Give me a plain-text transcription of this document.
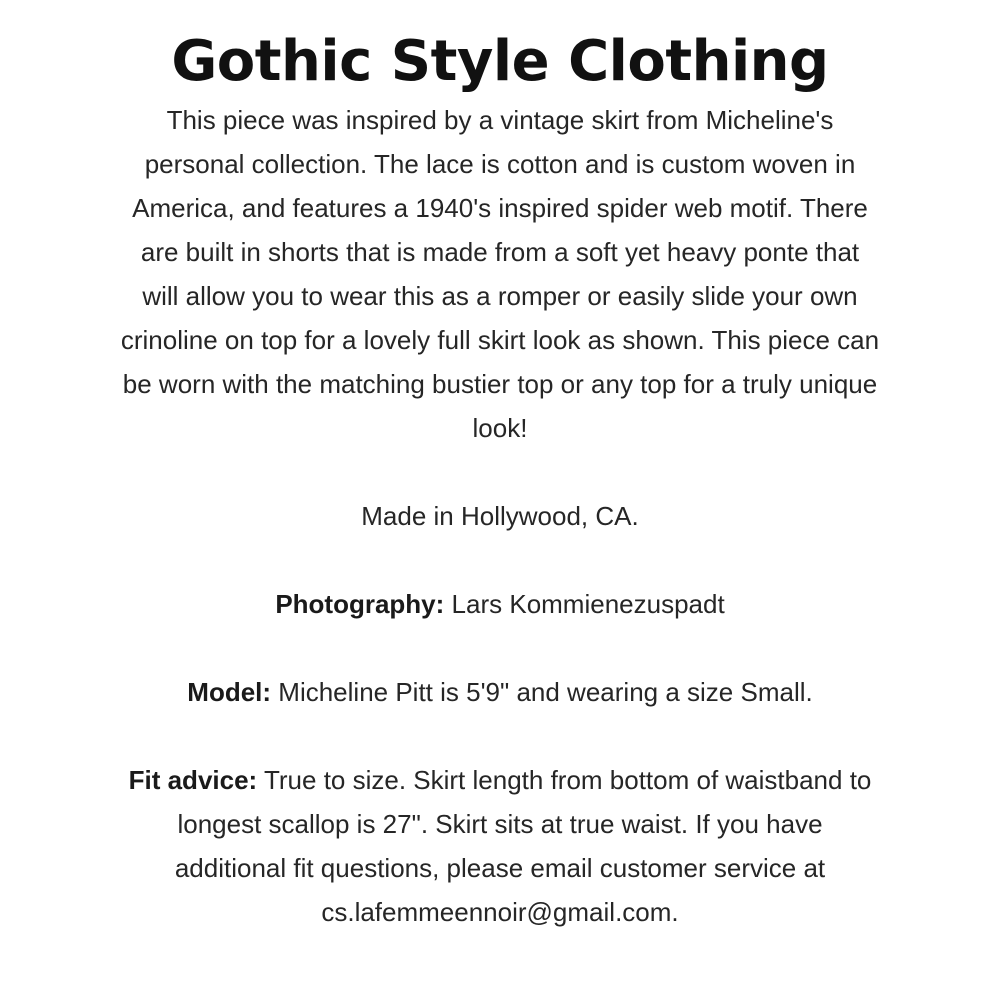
Gothic Style Clothing

This piece was inspired by a vintage skirt from Micheline's personal collection. The lace is cotton and is custom woven in America, and features a 1940's inspired spider web motif. There are built in shorts that is made from a soft yet heavy ponte that will allow you to wear this as a romper or easily slide your own crinoline on top for a lovely full skirt look as shown. This piece can be worn with the matching bustier top or any top for a truly unique look!

Made in Hollywood, CA.

Photography: Lars Kommienezuspadt

Model: Micheline Pitt is 5'9" and wearing a size Small.

Fit advice: True to size. Skirt length from bottom of waistband to longest scallop is 27". Skirt sits at true waist. If you have additional fit questions, please email customer service at cs.lafemmeennoir@gmail.com.
